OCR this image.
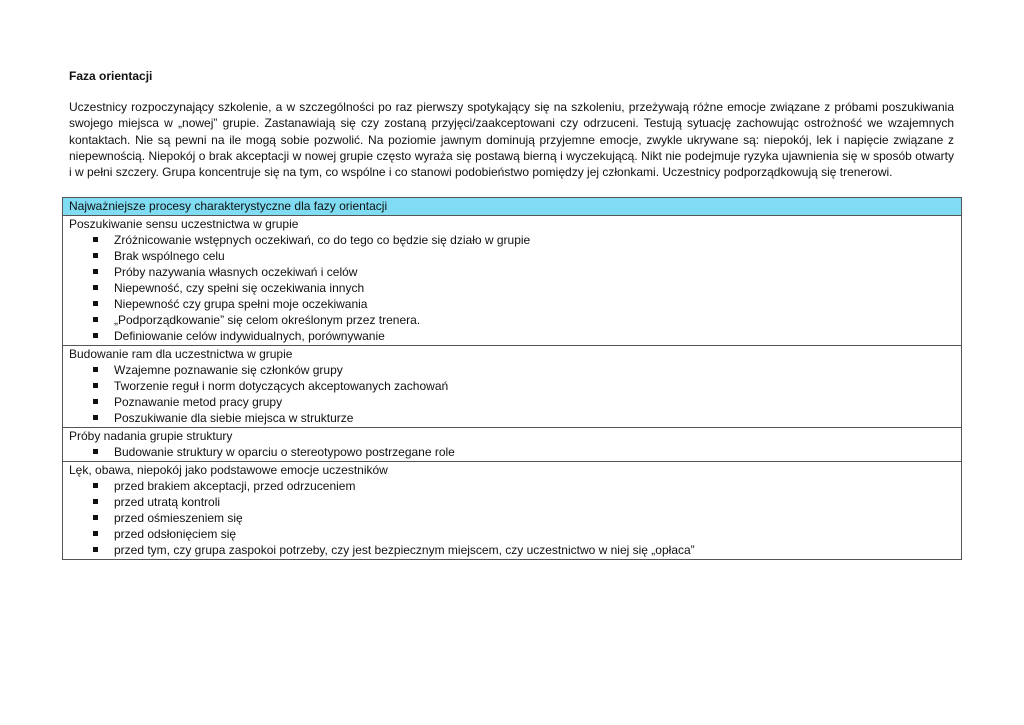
Faza orientacji

Uczestnicy rozpoczynający szkolenie, a w szczególności po raz pierwszy spotykający się na szkoleniu, przeżywają różne emocje związane z próbami poszukiwania swojego miejsca w „nowej” grupie. Zastanawiają się czy zostaną przyjęci/zaakceptowani czy odrzuceni. Testują sytuację zachowując ostrożność we wzajemnych kontaktach. Nie są pewni na ile mogą sobie pozwolić. Na poziomie jawnym dominują przyjemne emocje, zwykle ukrywane są: niepokój, lek i napięcie związane z niepewnością. Niepokój o brak akceptacji w nowej grupie często wyraża się postawą bierną i wyczekującą. Nikt nie podejmuje ryzyka ujawnienia się w sposób otwarty i w pełni szczery. Grupa koncentruje się na tym, co wspólne i co stanowi podobieństwo pomiędzy jej członkami. Uczestnicy podporządkowują się trenerowi.

Najważniejsze procesy charakterystyczne dla fazy orientacji

Poszukiwanie sensu uczestnictwa w grupie
Zróżnicowanie wstępnych oczekiwań, co do tego co będzie się działo w grupie
Brak wspólnego celu
Próby nazywania własnych oczekiwań i celów
Niepewność, czy spełni się oczekiwania innych
Niepewność czy grupa spełni moje oczekiwania
„Podporządkowanie” się celom określonym przez trenera.
Definiowanie celów indywidualnych, porównywanie

Budowanie ram dla uczestnictwa w grupie
Wzajemne poznawanie się członków grupy
Tworzenie reguł i norm dotyczących akceptowanych zachowań
Poznawanie metod pracy grupy
Poszukiwanie dla siebie miejsca w strukturze

Próby nadania grupie struktury
Budowanie struktury w oparciu o stereotypowo postrzegane role

Lęk, obawa, niepokój jako podstawowe emocje uczestników
przed brakiem akceptacji, przed odrzuceniem
przed utratą kontroli
przed ośmieszeniem się
przed odsłonięciem się
przed tym, czy grupa zaspokoi potrzeby, czy jest bezpiecznym miejscem, czy uczestnictwo w niej się „opłaca”
